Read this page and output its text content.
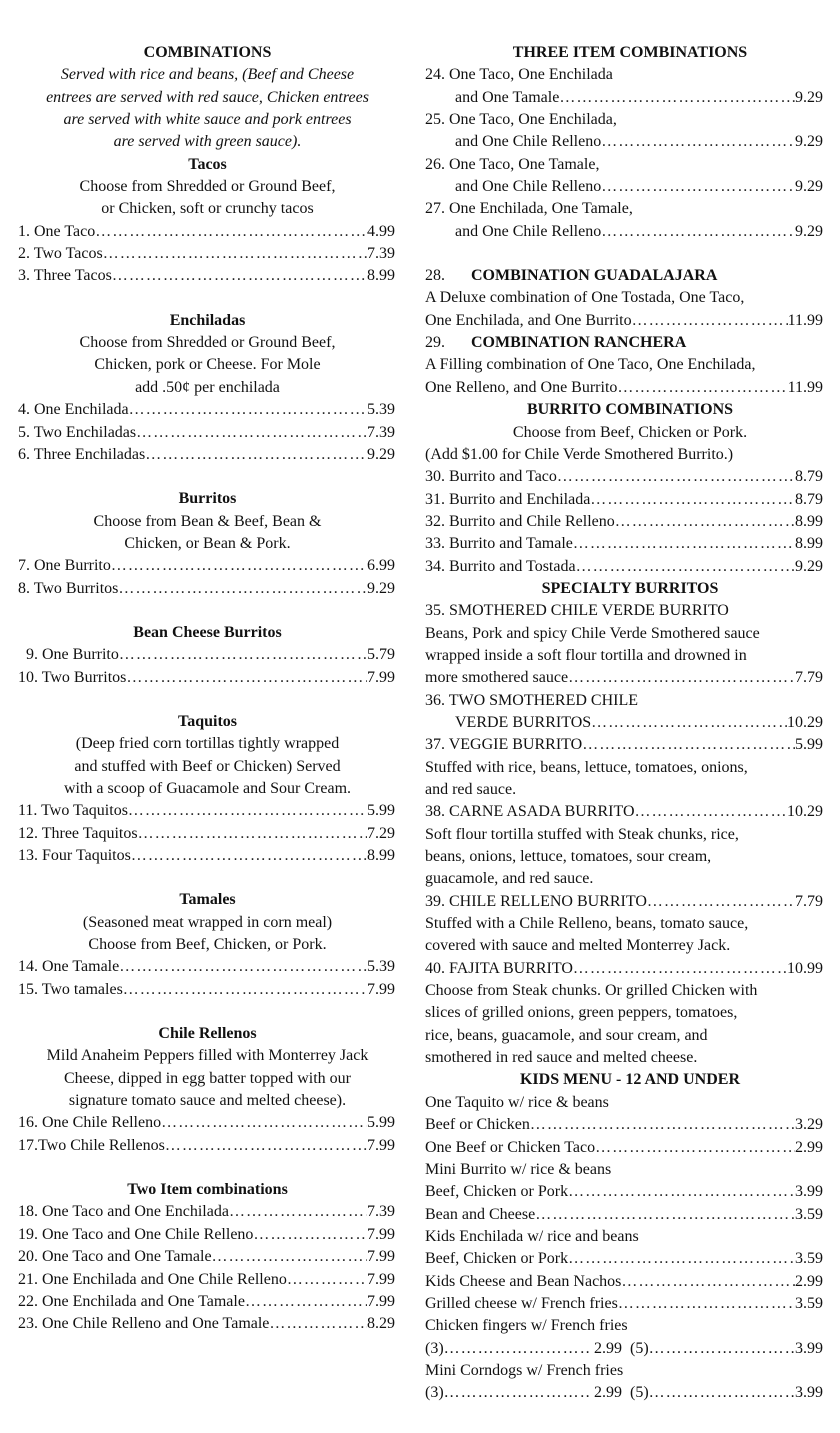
COMBINATIONS
Served with rice and beans, (Beef and Cheese
entrees are served with red sauce, Chicken entrees
are served with white sauce and pork entrees
are served with green sauce).
Tacos
Choose from Shredded or Ground Beef,
or Chicken, soft or crunchy tacos
1. One Taco …………………………………………………………………………………………………………………	4.99
2. Two Tacos …………………………………………………………………………………………………………………	7.39
3. Three Tacos …………………………………………………………………………………………………………………	8.99
Enchiladas
Choose from Shredded or Ground Beef,
Chicken, pork or Cheese. For Mole
add .50¢ per enchilada
4. One Enchilada …………………………………………………………………………………………………………………	5.39
5. Two Enchiladas …………………………………………………………………………………………………………………	7.39
6. Three Enchiladas …………………………………………………………………………………………………………………	9.29
Burritos
Choose from Bean & Beef, Bean &
Chicken, or Bean & Pork.
7. One Burrito …………………………………………………………………………………………………………………	6.99
8. Two Burritos …………………………………………………………………………………………………………………	9.29
Bean Cheese Burritos
9. One Burrito …………………………………………………………………………………………………………………	5.79
10. Two Burritos …………………………………………………………………………………………………………………	7.99
Taquitos
(Deep fried corn tortillas tightly wrapped
and stuffed with Beef or Chicken) Served
with a scoop of Guacamole and Sour Cream.
11. Two Taquitos …………………………………………………………………………………………………………………	5.99
12. Three Taquitos …………………………………………………………………………………………………………………	7.29
13. Four Taquitos …………………………………………………………………………………………………………………	8.99
Tamales
(Seasoned meat wrapped in corn meal)
Choose from Beef, Chicken, or Pork.
14. One Tamale …………………………………………………………………………………………………………………	5.39
15. Two tamales …………………………………………………………………………………………………………………	7.99
Chile Rellenos
Mild Anaheim Peppers filled with Monterrey Jack
Cheese, dipped in egg batter topped with our
signature tomato sauce and melted cheese).
16. One Chile Relleno …………………………………………………………………………………………………………………	5.99
17.Two Chile Rellenos …………………………………………………………………………………………………………………	7.99
Two Item combinations
18. One Taco and One Enchilada …………………………………………………………………………………………………………………	7.39
19. One Taco and One Chile Relleno …………………………………………………………………………………………………………………	7.99
20. One Taco and One Tamale …………………………………………………………………………………………………………………	7.99
21. One Enchilada and One Chile Relleno …………………………………………………………………………………………………………………	7.99
22. One Enchilada and One Tamale …………………………………………………………………………………………………………………	7.99
23. One Chile Relleno and One Tamale …………………………………………………………………………………………………………………	8.29
THREE ITEM COMBINATIONS
24. One Taco, One Enchilada
and One Tamale …………………………………………………………………………………………………………………	9.29
25. One Taco, One Enchilada,
and One Chile Relleno …………………………………………………………………………………………………………………	9.29
26. One Taco, One Tamale,
and One Chile Relleno …………………………………………………………………………………………………………………	9.29
27. One Enchilada, One Tamale,
and One Chile Relleno …………………………………………………………………………………………………………………	9.29
28. COMBINATION GUADALAJARA
A Deluxe combination of One Tostada, One Taco,
One Enchilada, and One Burrito …………………………………………………………………………………………………………………	11.99
29. COMBINATION RANCHERA
A Filling combination of One Taco, One Enchilada,
One Relleno, and One Burrito …………………………………………………………………………………………………………………	11.99
BURRITO COMBINATIONS
Choose from Beef, Chicken or Pork.
(Add $1.00 for Chile Verde Smothered Burrito.)
30. Burrito and Taco …………………………………………………………………………………………………………………	8.79
31. Burrito and Enchilada …………………………………………………………………………………………………………………	8.79
32. Burrito and Chile Relleno …………………………………………………………………………………………………………………	8.99
33. Burrito and Tamale …………………………………………………………………………………………………………………	8.99
34. Burrito and Tostada …………………………………………………………………………………………………………………	9.29
SPECIALTY BURRITOS
35. SMOTHERED CHILE VERDE BURRITO
Beans, Pork and spicy Chile Verde Smothered sauce
wrapped inside a soft flour tortilla and drowned in
more smothered sauce …………………………………………………………………………………………………………………	7.79
36. TWO SMOTHERED CHILE
VERDE BURRITOS …………………………………………………………………………………………………………………	10.29
37. VEGGIE BURRITO …………………………………………………………………………………………………………………	5.99
Stuffed with rice, beans, lettuce, tomatoes, onions,
and red sauce.
38. CARNE ASADA BURRITO …………………………………………………………………………………………………………………	10.29
Soft flour tortilla stuffed with Steak chunks, rice,
beans, onions, lettuce, tomatoes, sour cream,
guacamole, and red sauce.
39. CHILE RELLENO BURRITO …………………………………………………………………………………………………………………	7.79
Stuffed with a Chile Relleno, beans, tomato sauce,
covered with sauce and melted Monterrey Jack.
40. FAJITA BURRITO …………………………………………………………………………………………………………………	10.99
Choose from Steak chunks. Or grilled Chicken with
slices of grilled onions, green peppers, tomatoes,
rice, beans, guacamole, and sour cream, and
smothered in red sauce and melted cheese.
KIDS MENU - 12 AND UNDER
One Taquito w/ rice & beans
Beef or Chicken …………………………………………………………………………………………………………………	3.29
One Beef or Chicken Taco …………………………………………………………………………………………………………………	2.99
Mini Burrito w/ rice & beans
Beef, Chicken or Pork …………………………………………………………………………………………………………………	3.99
Bean and Cheese …………………………………………………………………………………………………………………	3.59
Kids Enchilada w/ rice and beans
Beef, Chicken or Pork …………………………………………………………………………………………………………………	3.59
Kids Cheese and Bean Nachos …………………………………………………………………………………………………………………	2.99
Grilled cheese w/ French fries …………………………………………………………………………………………………………………	3.59
Chicken fingers w/ French fries
(3) …………………………………………………………………………………	2.99 (5) …………………………………………………………………………………	3.99
Mini Corndogs w/ French fries
(3) …………………………………………………………………………………	2.99 (5) …………………………………………………………………………………	3.99
